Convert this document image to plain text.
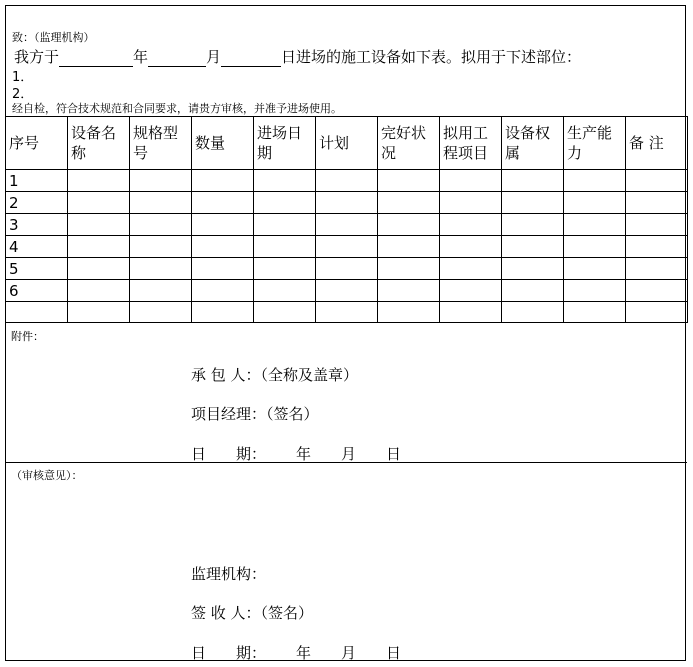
致：（监理机构）
我方于	年	月	日进场的施工设备如下表。拟用于下述部位：
1．
2．
经自检，符合技术规范和合同要求，请贵方审核，并准予进场使用。
序号	设备名称	规格型号	数量	进场日期	计划	完好状况	拟用工程项目	设备权属	生产能力	备 注
1										
2										
3										
4										
5										
6										

附件：
承 包 人：（全称及盖章）
项目经理：（签名）
日　　期： 年 月 日
（审核意见）：
监理机构：
签 收 人：（签名）
日　　期： 年 月 日
